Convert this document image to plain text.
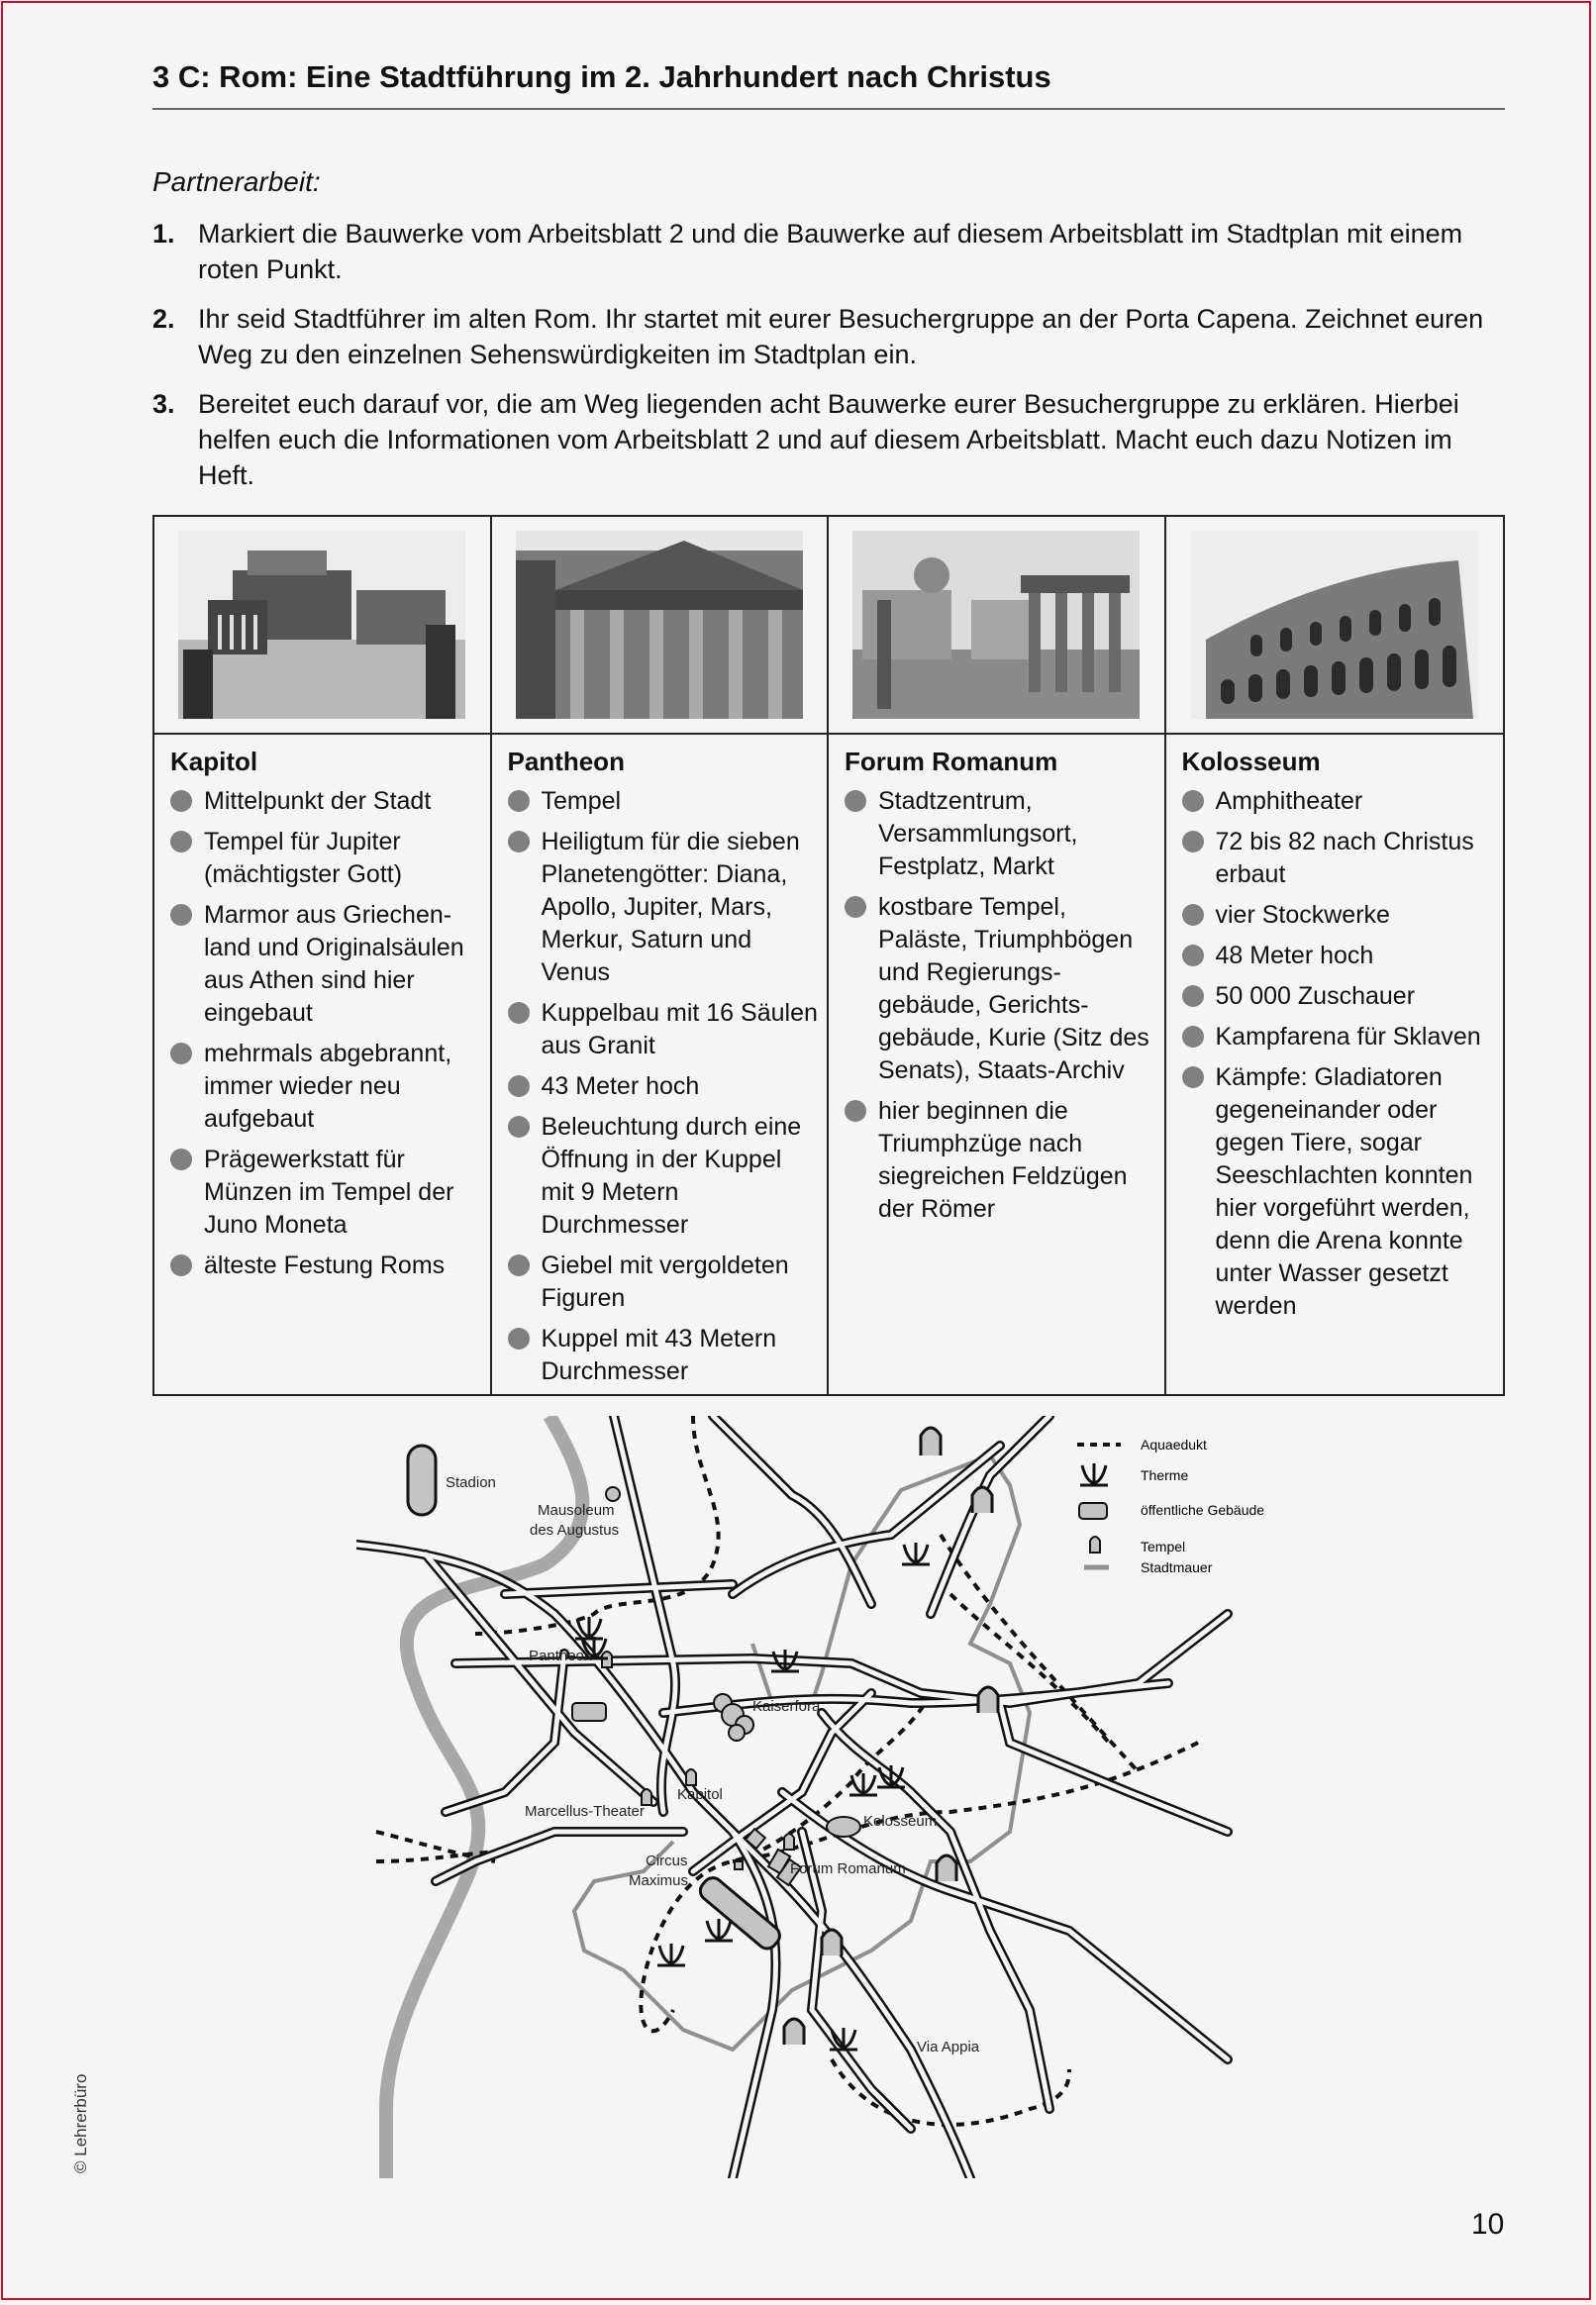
3 C: Rom: Eine Stadtführung im 2. Jahrhundert nach Christus
Partnerarbeit:
1. Markiert die Bauwerke vom Arbeitsblatt 2 und die Bauwerke auf diesem Arbeitsblatt im Stadtplan mit einem roten Punkt.
2. Ihr seid Stadtführer im alten Rom. Ihr startet mit eurer Besuchergruppe an der Porta Capena. Zeichnet euren Weg zu den einzelnen Sehenswürdigkeiten im Stadtplan ein.
3. Bereitet euch darauf vor, die am Weg liegenden acht Bauwerke eurer Besuchergruppe zu erklären. Hierbei helfen euch die Informationen vom Arbeitsblatt 2 und auf diesem Arbeitsblatt. Macht euch dazu Notizen im Heft.
Kapitol
Mittelpunkt der Stadt
Tempel für Jupiter (mächtigster Gott)
Marmor aus Griechen-land und Originalsäulen aus Athen sind hier eingebaut
mehrmals abgebrannt, immer wieder neu aufgebaut
Prägewerkstatt für Münzen im Tempel der Juno Moneta
älteste Festung Roms
Pantheon
Tempel
Heiligtum für die sieben Planetengötter: Diana, Apollo, Jupiter, Mars, Merkur, Saturn und Venus
Kuppelbau mit 16 Säulen aus Granit
43 Meter hoch
Beleuchtung durch eine Öffnung in der Kuppel mit 9 Metern Durchmesser
Giebel mit vergoldeten Figuren
Kuppel mit 43 Metern Durchmesser
Forum Romanum
Stadtzentrum, Versammlungsort, Festplatz, Markt
kostbare Tempel, Paläste, Triumphbögen und Regierungs-gebäude, Gerichts-gebäude, Kurie (Sitz des Senats), Staats-Archiv
hier beginnen die Triumphzüge nach siegreichen Feldzügen der Römer
Kolosseum
Amphitheater
72 bis 82 nach Christus erbaut
vier Stockwerke
48 Meter hoch
50 000 Zuschauer
Kampfarena für Sklaven
Kämpfe: Gladiatoren gegeneinander oder gegen Tiere, sogar Seeschlachten konnten hier vorgeführt werden, denn die Arena konnte unter Wasser gesetzt werden
Stadion
Mausoleum
des Augustus
Pantheon
Kaiserfora
Kapitol
Marcellus-Theater
Kolosseum
Circus
Maximus
Forum Romanum
Via Appia
Aquaedukt
Therme
öffentliche Gebäude
Tempel
Stadtmauer
© Lehrerbüro
10
